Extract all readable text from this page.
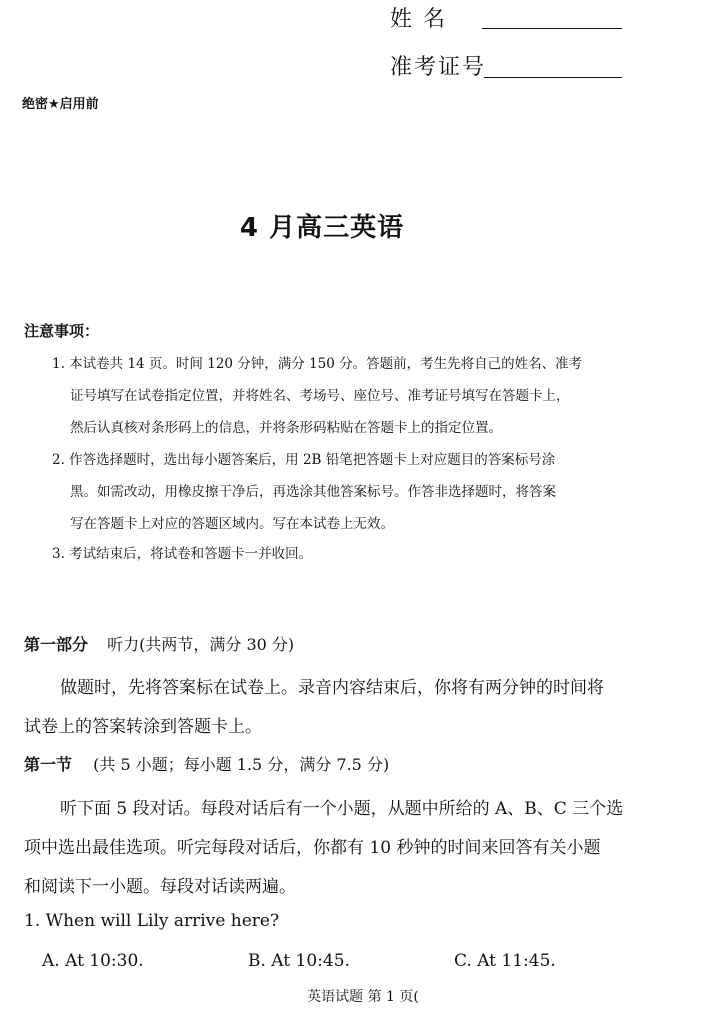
姓 名
准考证号
绝密★启用前
4 月高三英语
注意事项：
1. 本试卷共 14 页。时间 120 分钟，满分 150 分。答题前，考生先将自己的姓名、准考
证号填写在试卷指定位置，并将姓名、考场号、座位号、准考证号填写在答题卡上，
然后认真核对条形码上的信息，并将条形码粘贴在答题卡上的指定位置。
2. 作答选择题时，选出每小题答案后，用 2B 铅笔把答题卡上对应题目的答案标号涂
黑。如需改动，用橡皮擦干净后，再选涂其他答案标号。作答非选择题时，将答案
写在答题卡上对应的答题区域内。写在本试卷上无效。
3. 考试结束后，将试卷和答题卡一并收回。
第一部分 听力(共两节，满分 30 分)
做题时，先将答案标在试卷上。录音内容结束后，你将有两分钟的时间将
试卷上的答案转涂到答题卡上。
第一节 (共 5 小题；每小题 1.5 分，满分 7.5 分)
听下面 5 段对话。每段对话后有一个小题，从题中所给的 A、B、C 三个选
项中选出最佳选项。听完每段对话后，你都有 10 秒钟的时间来回答有关小题
和阅读下一小题。每段对话读两遍。
1. When will Lily arrive here?
A. At 10:30.	B. At 10:45.	C. At 11:45.
英语试题 第 1 页(
